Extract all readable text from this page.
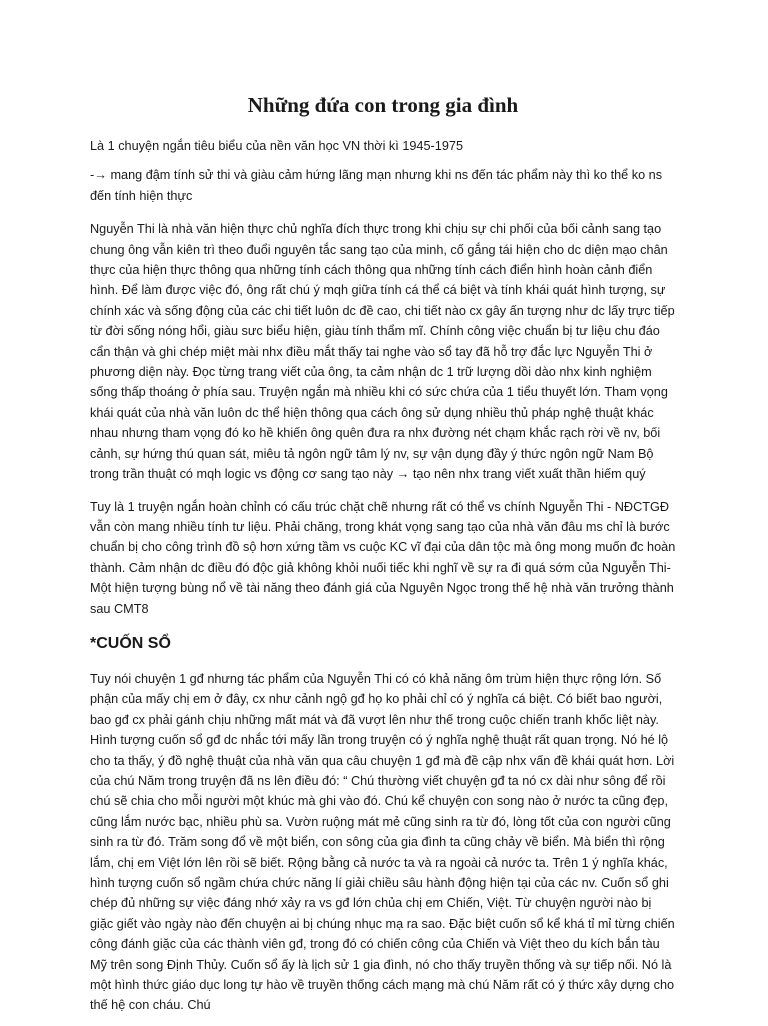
Những đứa con trong gia đình

Là 1 chuyện ngắn tiêu biểu của nền văn học VN thời kì 1945-1975

-→ mang đậm tính sử thi và giàu cảm hứng lãng mạn nhưng khi ns đến tác phẩm này thì ko thể ko ns đến tính hiện thực

Nguyễn Thi là nhà văn hiện thực chủ nghĩa đích thực trong khi chịu sự chi phối của bối cảnh sang tạo chung ông vẫn kiên trì theo đuổi nguyên tắc sang tạo của minh, cố gắng tái hiện cho dc diện mạo chân thực của hiện thực thông qua những tính cách thông qua những tính cách điển hình hoàn cảnh điển hình. Để làm được việc đó, ông rất chú ý mqh giữa tính cá thể cá biệt và tính khái quát hình tượng, sự chính xác và sống động của các chi tiết luôn dc đề cao, chi tiết nào cx gây ấn tượng như dc lấy trực tiếp từ đời sống nóng hổi, giàu sưc biểu hiện, giàu tính thẩm mĩ. Chính công việc chuẩn bị tư liệu chu đáo cẩn thận và ghi chép miệt mài nhx điều mắt thấy tai nghe vào sổ tay đã hỗ trợ đắc lực Nguyễn Thi ở phương diện này. Đọc từng trang viết của ông, ta cảm nhận dc 1 trữ lượng dồi dào nhx kinh nghiệm sống thấp thoáng ở phía sau. Truyện ngắn mà nhiều khi có sức chứa của 1 tiểu thuyết lớn. Tham vọng khái quát của nhà văn luôn dc thể hiện thông qua cách ông sử dụng nhiều thủ pháp nghệ thuật khác nhau nhưng tham vọng đó ko hề khiến ông quên đưa ra nhx đường nét chạm khắc rạch rời về nv, bối cảnh, sự hứng thú quan sát, miêu tả ngôn ngữ tâm lý nv, sự vận dụng đầy ý thức ngôn ngữ Nam Bộ trong trần thuật có mqh logic vs động cơ sang tạo này → tạo nên nhx trang viết xuất thần hiếm quý

Tuy là 1 truyện ngắn hoàn chỉnh có cấu trúc chặt chẽ nhưng rất có thể vs chính Nguyễn Thi - NĐCTGĐ vẫn còn mang nhiều tính tư liệu. Phải chăng, trong khát vọng sang tạo của nhà văn đâu ms chỉ là bước chuẩn bị cho công trình đồ sộ hơn xứng tầm vs cuộc KC vĩ đại của dân tộc mà ông mong muốn đc hoàn thành. Cảm nhận dc điều đó độc giả không khỏi nuối tiếc khi nghĩ về sự ra đi quá sớm của Nguyễn Thi- Một hiện tượng bùng nổ về tài năng theo đánh giá của Nguyên Ngọc trong thế hệ nhà văn trưởng thành sau CMT8

*CUỐN SỔ

Tuy nói chuyện 1 gđ nhưng tác phẩm của Nguyễn Thi có có khả năng ôm trùm hiện thực rộng lớn. Số phận của mấy chị em ở đây, cx như cảnh ngộ gđ họ ko phải chỉ có ý nghĩa cá biệt. Có biết bao người, bao gđ cx phải gánh chịu những mất mát và đã vượt lên như thế trong cuộc chiến tranh khốc liệt này. Hình tượng cuốn sổ gđ dc nhắc tới mấy lần trong truyện có ý nghĩa nghệ thuật rất quan trọng. Nó hé lộ cho ta thấy, ý đồ nghệ thuật của nhà văn qua câu chuyện 1 gđ mà đề cập nhx vấn đề khái quát hơn. Lời của chú Năm trong truyện đã ns lên điều đó: “ Chú thường viết chuyện gđ ta nó cx dài như sông để rồi chú sẽ chia cho mỗi người một khúc mà ghi vào đó. Chú kể chuyện con song nào ở nước ta cũng đẹp, cũng lắm nước bạc, nhiều phù sa. Vườn ruộng mát mẻ cũng sinh ra từ đó, lòng tốt của con người cũng sinh ra từ đó. Trăm song đổ về một biển, con sông của gia đình ta cũng chảy về biển. Mà biển thì rộng lắm, chị em Việt lớn lên rồi sẽ biết. Rộng bằng cả nước ta và ra ngoài cả nước ta. Trên 1 ý nghĩa khác, hình tượng cuốn sổ ngầm chứa chức năng lí giải chiều sâu hành động hiện tại của các nv. Cuốn sổ ghi chép đủ những sự việc đáng nhớ xảy ra vs gđ lớn chủa chị em Chiến, Việt. Từ chuyện người nào bị giặc giết vào ngày nào đến chuyện ai bị chúng nhục mạ ra sao. Đặc biệt cuốn sổ kể khá tỉ mỉ từng chiến công đánh giặc của các thành viên gđ, trong đó có chiến công của Chiến và Việt theo du kích bắn tàu Mỹ trên song Định Thủy. Cuốn sổ ấy là lịch sử 1 gia đình, nó cho thấy truyền thống và sự tiếp nối. Nó là một hình thức giáo dục long tự hào về truyền thống cách mạng mà chú Năm rất có ý thức xây dựng cho thế hệ con cháu. Chú
